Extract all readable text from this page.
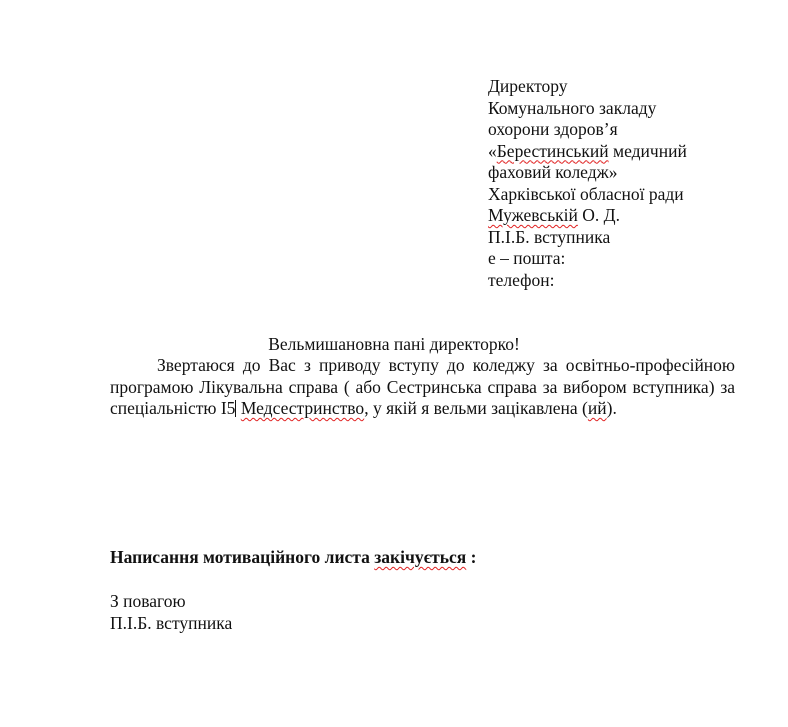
Директору
Комунального закладу
охорони здоров’я
«Берестинський медичний
фаховий коледж»
Харківської обласної ради
Мужевській О. Д.
П.І.Б. вступника
е – пошта:
телефон:
Вельмишановна пані директорко!
Звертаюся до Вас з приводу вступу до коледжу за освітньо-професійною програмою Лікувальна справа ( або Сестринська справа за вибором вступника) за спеціальністю І5 Медсестринство, у якій я вельми зацікавлена (ий).
Написання мотиваційного листа закічується :
З повагою
П.І.Б. вступника
